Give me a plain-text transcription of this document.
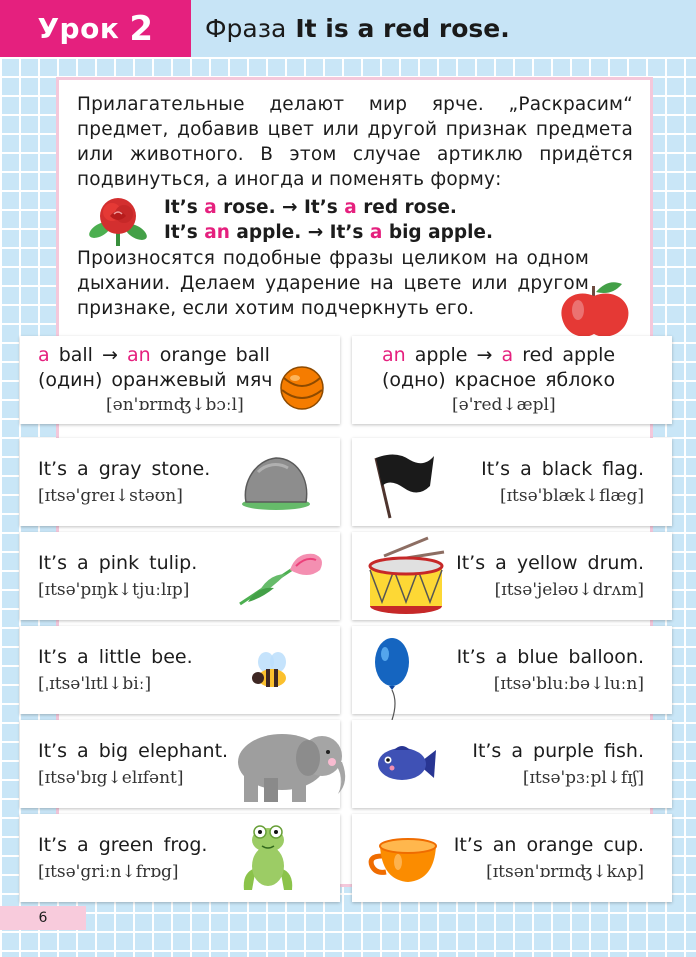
Урок 2 Фраза It is a red rose.
Прилагательные делают мир ярче. „Раскрасим“ предмет, добавив цвет или другой признак предмета или животного. В этом случае артиклю придётся подвинуться, а иногда и поменять форму:
It’s a rose. → It’s a red rose.
It’s an apple. → It’s a big apple.
Произносятся подобные фразы целиком на одном дыхании. Делаем ударение на цвете или другом признаке, если хотим подчеркнуть его.
a ball → an orange ball
(один) оранжевый мяч
[ən'ɒrɪnʤ↓bɔːl]
an apple → a red apple
(одно) красное яблоко
[ə'red↓æpl]
It’s a gray stone.
[ɪtsə'greɪ↓stəʊn]
It’s a black flag.
[ɪtsə'blæk↓flæg]
It’s a pink tulip.
[ɪtsə'pɪŋk↓tjuːlɪp]
It’s a yellow drum.
[ɪtsə'jeləʊ↓drʌm]
It’s a little bee.
[ˌɪtsə'lɪtl↓biː]
It’s a blue balloon.
[ɪtsə'bluːbə↓luːn]
It’s a big elephant.
[ɪtsə'bɪg↓elɪfənt]
It’s a purple fish.
[ɪtsə'pɜːpl↓fɪʃ]
It’s a green frog.
[ɪtsə'griːn↓frɒg]
It’s an orange cup.
[ɪtsən'ɒrɪnʤ↓kʌp]
6
